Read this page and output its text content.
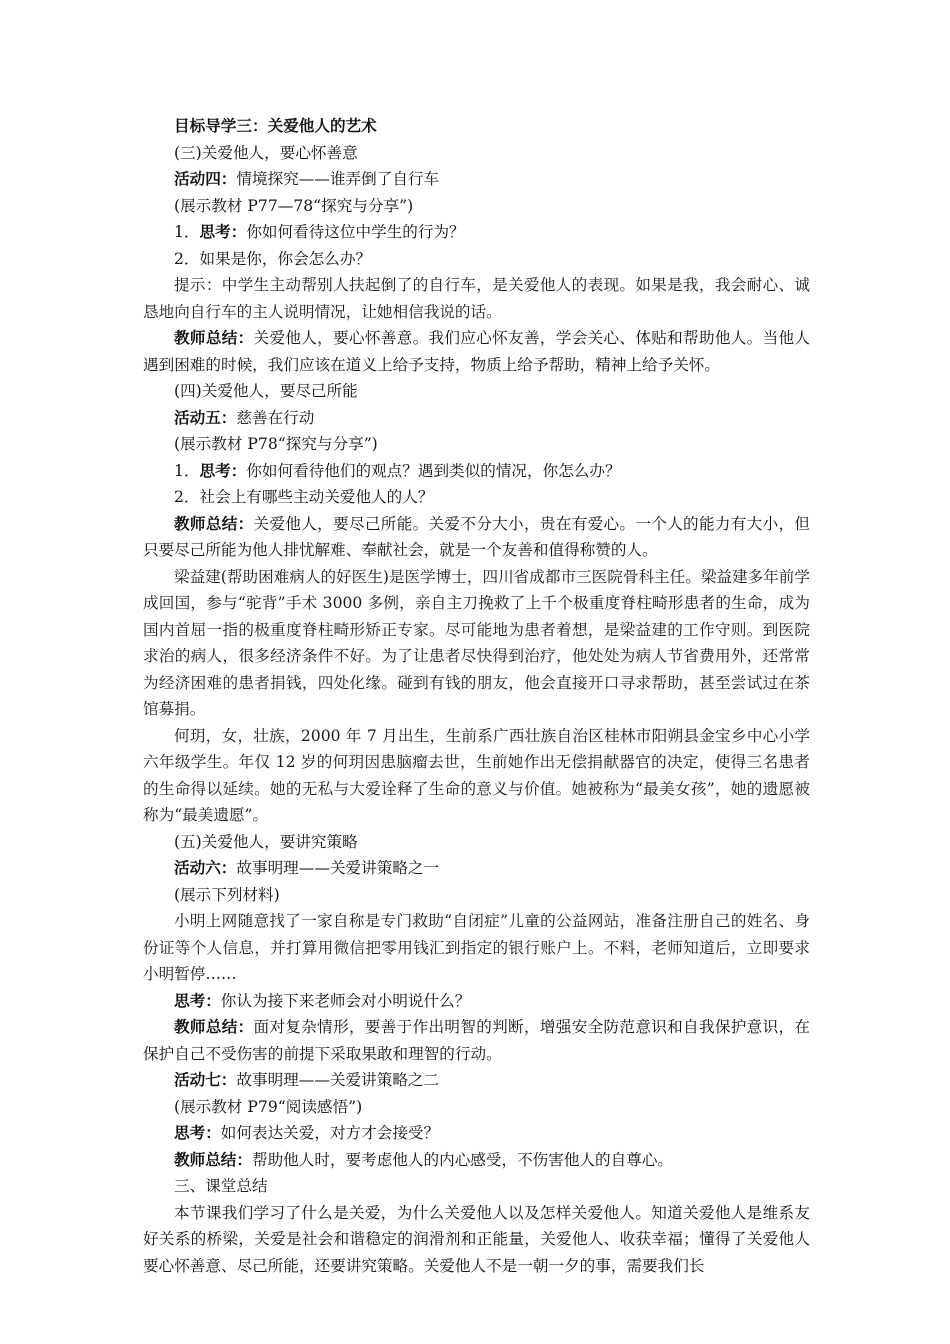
目标导学三：关爱他人的艺术

(三)关爱他人，要心怀善意

活动四：情境探究——谁弄倒了自行车

(展示教材 P77—78“探究与分享”)

1．思考：你如何看待这位中学生的行为？

2．如果是你，你会怎么办？

提示：中学生主动帮别人扶起倒了的自行车，是关爱他人的表现。如果是我，我会耐心、诚恳地向自行车的主人说明情况，让她相信我说的话。

教师总结：关爱他人，要心怀善意。我们应心怀友善，学会关心、体贴和帮助他人。当他人遇到困难的时候，我们应该在道义上给予支持，物质上给予帮助，精神上给予关怀。

(四)关爱他人，要尽己所能

活动五：慈善在行动

(展示教材 P78“探究与分享”)

1．思考：你如何看待他们的观点？遇到类似的情况，你怎么办？

2．社会上有哪些主动关爱他人的人？

教师总结：关爱他人，要尽己所能。关爱不分大小，贵在有爱心。一个人的能力有大小，但只要尽己所能为他人排忧解难、奉献社会，就是一个友善和值得称赞的人。

梁益建(帮助困难病人的好医生)是医学博士，四川省成都市三医院骨科主任。梁益建多年前学成回国，参与“驼背”手术 3000 多例，亲自主刀挽救了上千个极重度脊柱畸形患者的生命，成为国内首屈一指的极重度脊柱畸形矫正专家。尽可能地为患者着想，是梁益建的工作守则。到医院求治的病人，很多经济条件不好。为了让患者尽快得到治疗，他处处为病人节省费用外，还常常为经济困难的患者捐钱，四处化缘。碰到有钱的朋友，他会直接开口寻求帮助，甚至尝试过在茶馆募捐。

何玥，女，壮族，2000 年 7 月出生，生前系广西壮族自治区桂林市阳朔县金宝乡中心小学六年级学生。年仅 12 岁的何玥因患脑瘤去世，生前她作出无偿捐献器官的决定，使得三名患者的生命得以延续。她的无私与大爱诠释了生命的意义与价值。她被称为“最美女孩”，她的遗愿被称为“最美遗愿”。

(五)关爱他人，要讲究策略

活动六：故事明理——关爱讲策略之一

(展示下列材料)

小明上网随意找了一家自称是专门救助“自闭症”儿童的公益网站，准备注册自己的姓名、身份证等个人信息，并打算用微信把零用钱汇到指定的银行账户上。不料，老师知道后，立即要求小明暂停……

思考：你认为接下来老师会对小明说什么？

教师总结：面对复杂情形，要善于作出明智的判断，增强安全防范意识和自我保护意识，在保护自己不受伤害的前提下采取果敢和理智的行动。

活动七：故事明理——关爱讲策略之二

(展示教材 P79“阅读感悟”)

思考：如何表达关爱，对方才会接受？

教师总结：帮助他人时，要考虑他人的内心感受，不伤害他人的自尊心。

三、课堂总结

本节课我们学习了什么是关爱，为什么关爱他人以及怎样关爱他人。知道关爱他人是维系友好关系的桥梁，关爱是社会和谐稳定的润滑剂和正能量，关爱他人、收获幸福；懂得了关爱他人要心怀善意、尽己所能，还要讲究策略。关爱他人不是一朝一夕的事，需要我们长
